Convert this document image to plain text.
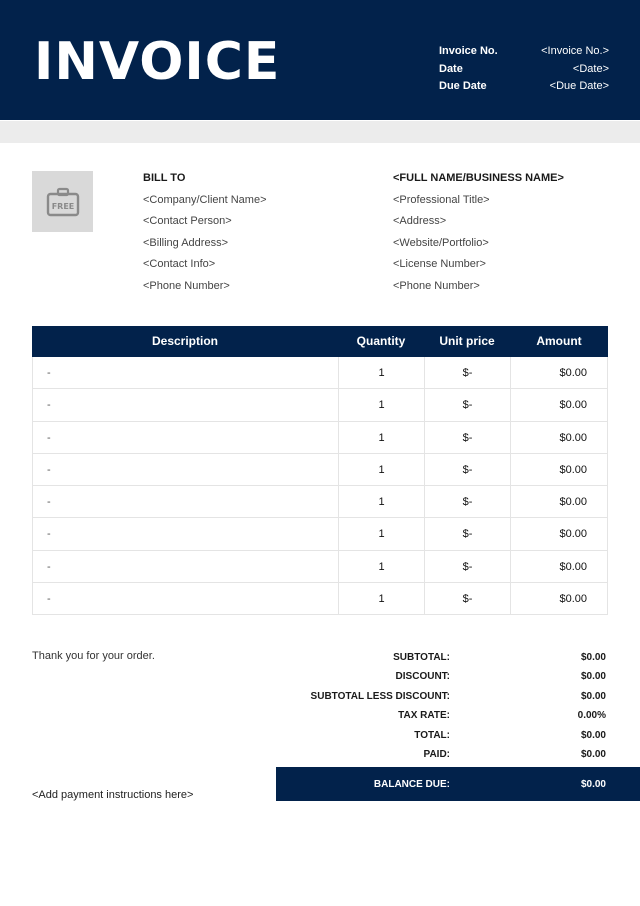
INVOICE	Invoice No.	<Invoice No.>
Date	<Date>
Due Date	<Due Date>
FREE
BILL TO
<Company/Client Name>
<Contact Person>
<Billing Address>
<Contact Info>
<Phone Number>
<FULL NAME/BUSINESS NAME>
<Professional Title>
<Address>
<Website/Portfolio>
<License Number>
<Phone Number>
Description	Quantity	Unit price	Amount
-	1	$-	$0.00
-	1	$-	$0.00
-	1	$-	$0.00
-	1	$-	$0.00
-	1	$-	$0.00
-	1	$-	$0.00
-	1	$-	$0.00
-	1	$-	$0.00
Thank you for your order.
<Add payment instructions here>
SUBTOTAL:	$0.00
DISCOUNT:	$0.00
SUBTOTAL LESS DISCOUNT:	$0.00
TAX RATE:	0.00%
TOTAL:	$0.00
PAID:	$0.00
BALANCE DUE:	$0.00
